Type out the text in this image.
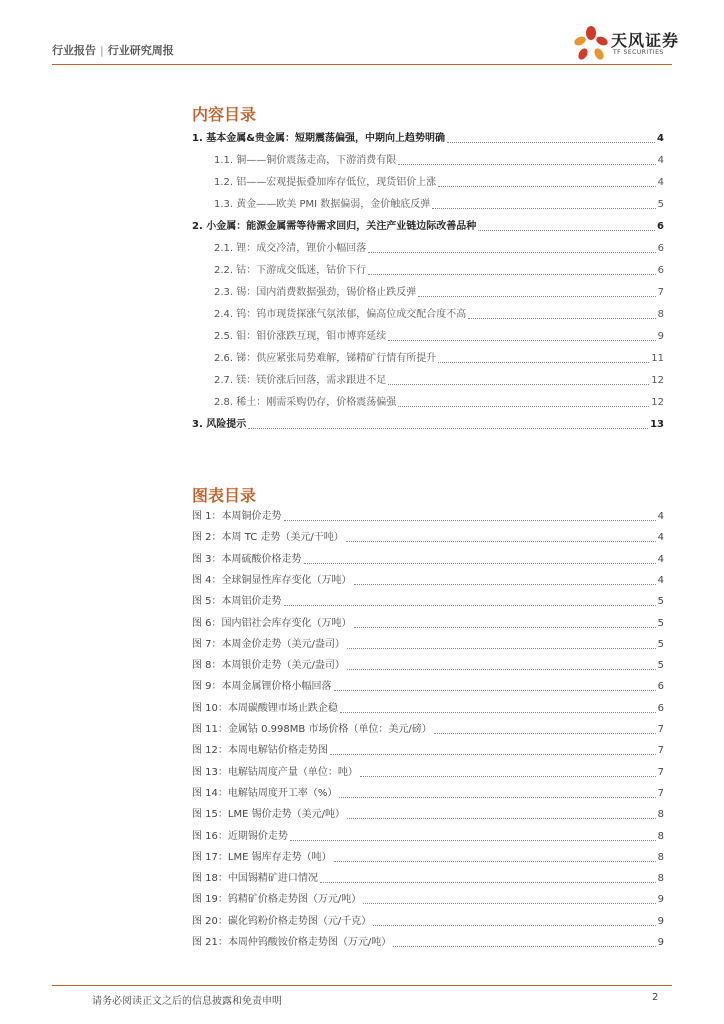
行业报告 | 行业研究周报
天风证券
TF SECURITIES
内容目录
1. 基本金属&贵金属：短期震荡偏强，中期向上趋势明确	4
1.1. 铜——铜价震荡走高，下游消费有限	4
1.2. 铝——宏观提振叠加库存低位，现货铝价上涨	4
1.3. 黄金——欧美 PMI 数据偏弱，金价触底反弹	5
2. 小金属：能源金属需等待需求回归，关注产业链边际改善品种	6
2.1. 锂：成交冷清，锂价小幅回落	6
2.2. 钴：下游成交低迷，钴价下行	6
2.3. 锡：国内消费数据强劲，锡价格止跌反弹	7
2.4. 钨：钨市现货探涨气氛浓郁，偏高位成交配合度不高	8
2.5. 钼：钼价涨跌互现，钼市博弈延续	9
2.6. 锑：供应紧张局势难解，锑精矿行情有所提升	11
2.7. 镁：镁价涨后回落，需求跟进不足	12
2.8. 稀土：刚需采购仍存，价格震荡偏强	12
3. 风险提示	13
图表目录
图 1：本周铜价走势	4
图 2：本周 TC 走势（美元/干吨）	4
图 3：本周硫酸价格走势	4
图 4：全球铜显性库存变化（万吨）	4
图 5：本周铝价走势	5
图 6：国内铝社会库存变化（万吨）	5
图 7：本周金价走势（美元/盎司）	5
图 8：本周银价走势（美元/盎司）	5
图 9：本周金属锂价格小幅回落	6
图 10：本周碳酸锂市场止跌企稳	6
图 11：金属钴 0.998MB 市场价格（单位：美元/磅）	7
图 12：本周电解钴价格走势图	7
图 13：电解钴周度产量（单位：吨）	7
图 14：电解钴周度开工率（%）	7
图 15：LME 锡价走势（美元/吨）	8
图 16：近期锡价走势	8
图 17：LME 锡库存走势（吨）	8
图 18：中国锡精矿进口情况	8
图 19：钨精矿价格走势图（万元/吨）	9
图 20：碳化钨粉价格走势图（元/千克）	9
图 21：本周仲钨酸铵价格走势图（万元/吨）	9
请务必阅读正文之后的信息披露和免责申明	2
